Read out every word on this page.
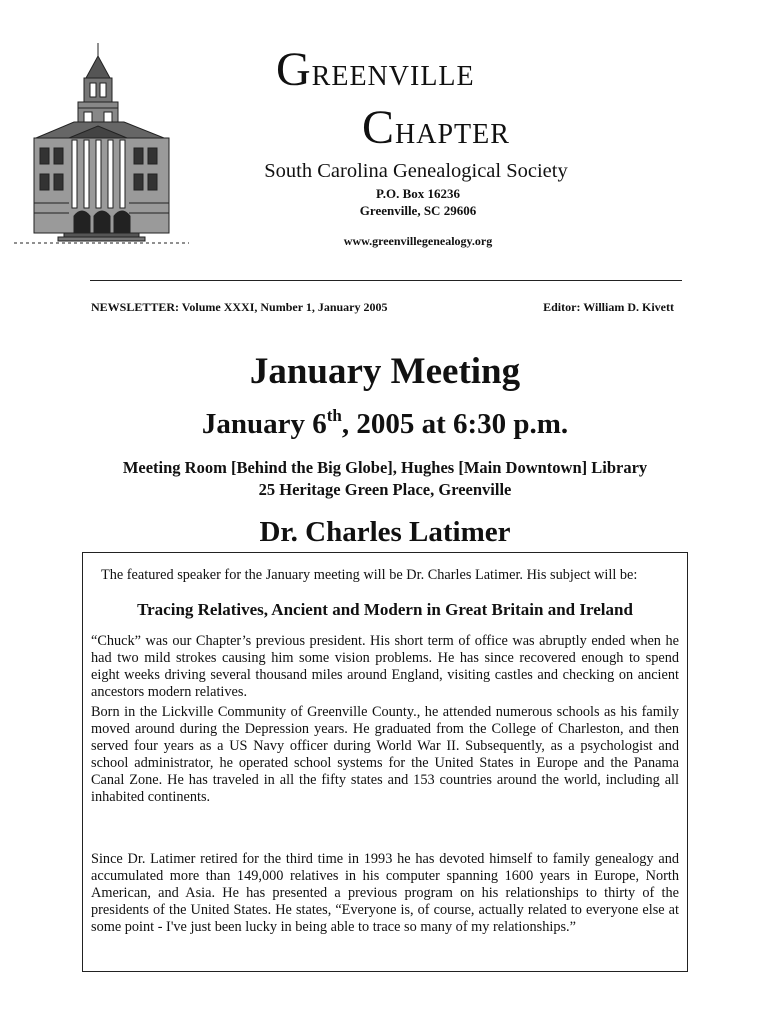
GREENVILLE
CHAPTER
South Carolina Genealogical Society
P.O. Box 16236
Greenville, SC 29606
www.greenvillegenealogy.org
NEWSLETTER: Volume XXXI, Number 1, January 2005	Editor: William D. Kivett
January Meeting
January 6th, 2005 at 6:30 p.m.
Meeting Room [Behind the Big Globe], Hughes [Main Downtown] Library
25 Heritage Green Place, Greenville
Dr. Charles Latimer
The featured speaker for the January meeting will be Dr. Charles Latimer. His subject will be:
Tracing Relatives, Ancient and Modern in Great Britain and Ireland
“Chuck” was our Chapter’s previous president. His short term of office was abruptly ended when he had two mild strokes causing him some vision problems. He has since recovered enough to spend eight weeks driving several thousand miles around England, visiting castles and checking on ancient ancestors modern relatives.
Born in the Lickville Community of Greenville County., he attended numerous schools as his family moved around during the Depression years. He graduated from the College of Charleston, and then served four years as a US Navy officer during World War II. Subsequently, as a psychologist and school administrator, he operated school systems for the United States in Europe and the Panama Canal Zone. He has traveled in all the fifty states and 153 countries around the world, including all inhabited continents.
Since Dr. Latimer retired for the third time in 1993 he has devoted himself to family genealogy and accumulated more than 149,000 relatives in his computer spanning 1600 years in Europe, North American, and Asia. He has presented a previous program on his relationships to thirty of the presidents of the United States. He states, “Everyone is, of course, actually related to everyone else at some point - I've just been lucky in being able to trace so many of my relationships.”
